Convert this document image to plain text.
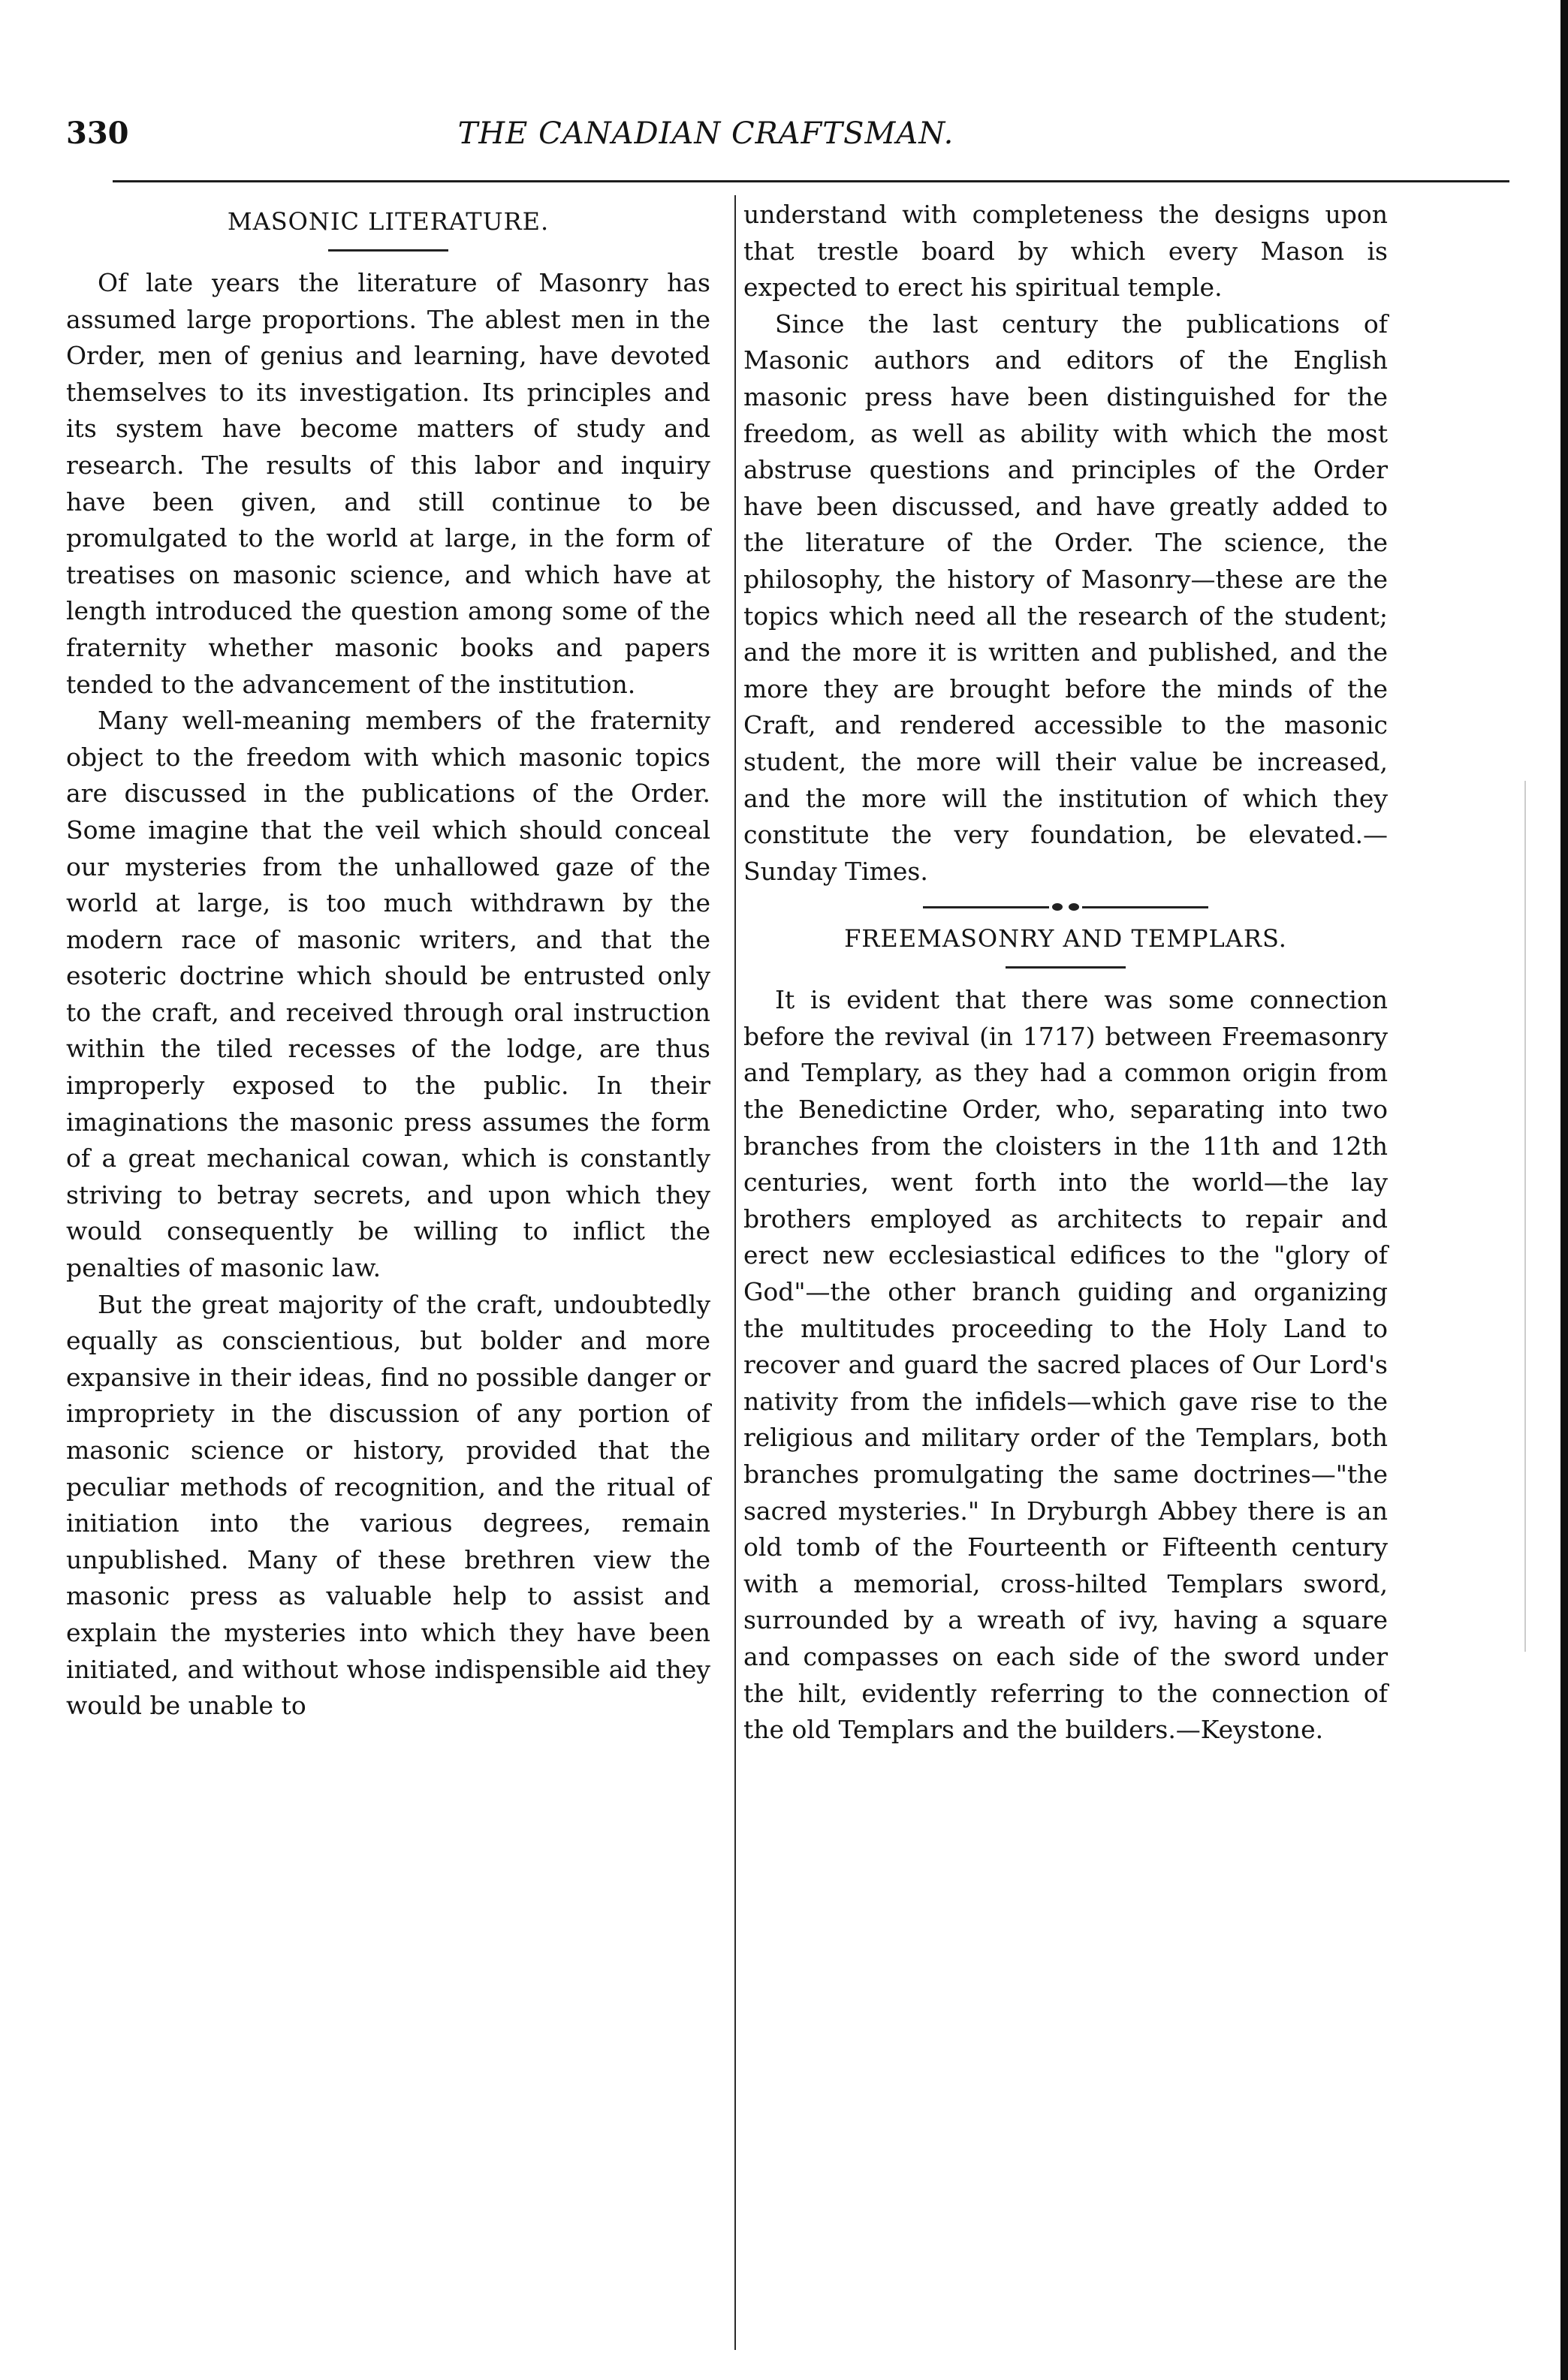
330	THE CANADIAN CRAFTSMAN.
MASONIC LITERATURE.

Of late years the literature of Masonry has assumed large proportions. The ablest men in the Order, men of genius and learning, have devoted themselves to its investigation. Its principles and its system have become matters of study and research. The results of this labor and inquiry have been given, and still continue to be promulgated to the world at large, in the form of treatises on masonic science, and which have at length introduced the question among some of the fraternity whether masonic books and papers tended to the advancement of the institution.

Many well-meaning members of the fraternity object to the freedom with which masonic topics are discussed in the publications of the Order. Some imagine that the veil which should conceal our mysteries from the unhallowed gaze of the world at large, is too much withdrawn by the modern race of masonic writers, and that the esoteric doctrine which should be entrusted only to the craft, and received through oral instruction within the tiled recesses of the lodge, are thus improperly exposed to the public. In their imaginations the masonic press assumes the form of a great mechanical cowan, which is constantly striving to betray secrets, and upon which they would consequently be willing to inflict the penalties of masonic law.

But the great majority of the craft, undoubtedly equally as conscientious, but bolder and more expansive in their ideas, find no possible danger or impropriety in the discussion of any portion of masonic science or history, provided that the peculiar methods of recognition, and the ritual of initiation into the various degrees, remain unpublished. Many of these brethren view the masonic press as valuable help to assist and explain the mysteries into which they have been initiated, and without whose indispensible aid they would be unable to

understand with completeness the designs upon that trestle board by which every Mason is expected to erect his spiritual temple.

Since the last century the publications of Masonic authors and editors of the English masonic press have been distinguished for the freedom, as well as ability with which the most abstruse questions and principles of the Order have been discussed, and have greatly added to the literature of the Order. The science, the philosophy, the history of Masonry—these are the topics which need all the research of the student; and the more it is written and published, and the more they are brought before the minds of the Craft, and rendered accessible to the masonic student, the more will their value be increased, and the more will the institution of which they constitute the very foundation, be elevated.—Sunday Times.

FREEMASONRY AND TEMPLARS.

It is evident that there was some connection before the revival (in 1717) between Freemasonry and Templary, as they had a common origin from the Benedictine Order, who, separating into two branches from the cloisters in the 11th and 12th centuries, went forth into the world—the lay brothers employed as architects to repair and erect new ecclesiastical edifices to the "glory of God"—the other branch guiding and organizing the multitudes proceeding to the Holy Land to recover and guard the sacred places of Our Lord's nativity from the infidels—which gave rise to the religious and military order of the Templars, both branches promulgating the same doctrines—"the sacred mysteries." In Dryburgh Abbey there is an old tomb of the Fourteenth or Fifteenth century with a memorial, cross-hilted Templars sword, surrounded by a wreath of ivy, having a square and compasses on each side of the sword under the hilt, evidently referring to the connection of the old Templars and the builders.—Keystone.
